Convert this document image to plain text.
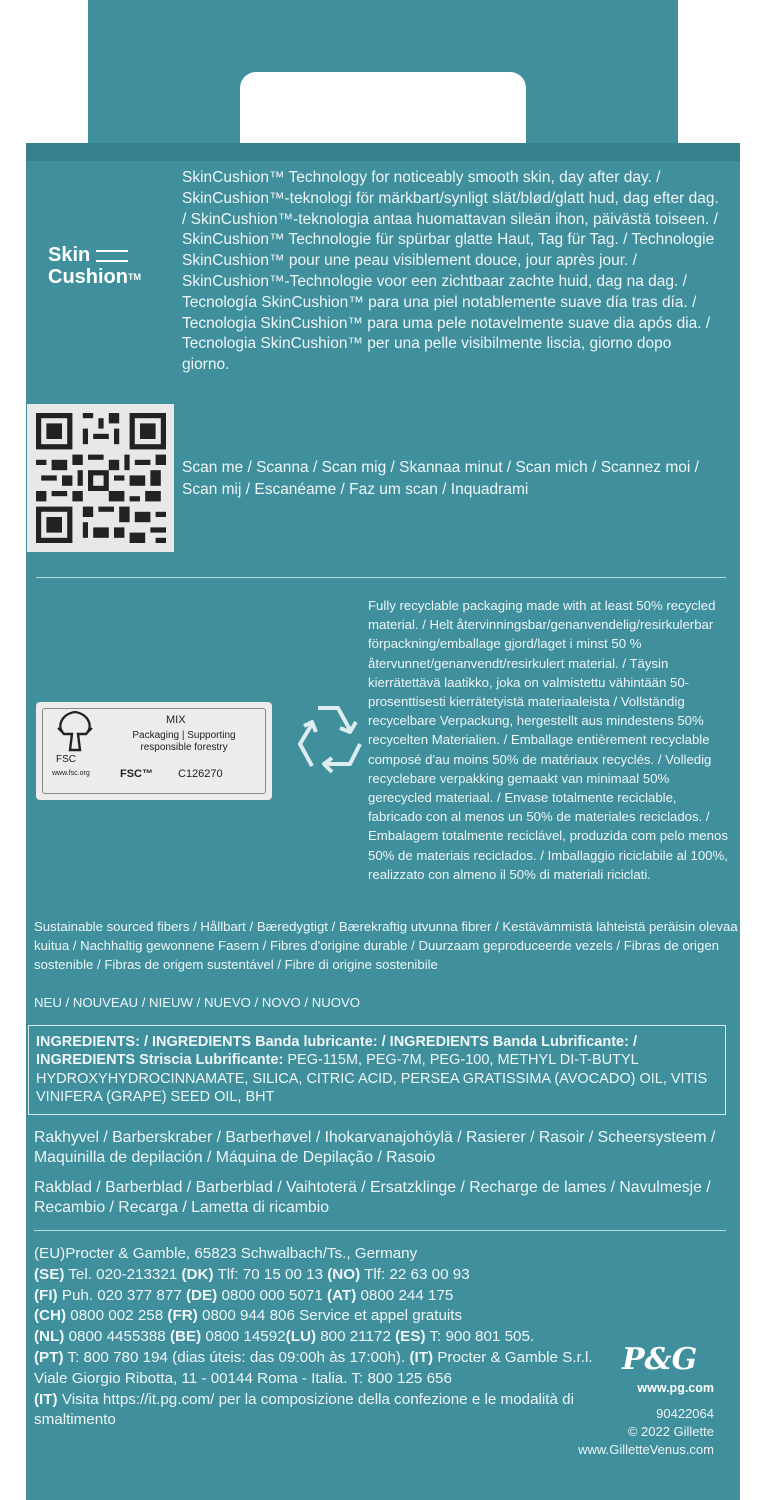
Skin
Cushion™
SkinCushion™ Technology for noticeably smooth skin, day after day. / SkinCushion™-teknologi för märkbart/synligt slät/blød/glatt hud, dag efter dag. / SkinCushion™-teknologia antaa huomattavan sileän ihon, päivästä toiseen. / SkinCushion™ Technologie für spürbar glatte Haut, Tag für Tag. / Technologie SkinCushion™ pour une peau visiblement douce, jour après jour. / SkinCushion™-Technologie voor een zichtbaar zachte huid, dag na dag. / Tecnología SkinCushion™ para una piel notablemente suave día tras día. / Tecnologia SkinCushion™ para uma pele notavelmente suave dia após dia. / Tecnologia SkinCushion™ per una pelle visibilmente liscia, giorno dopo giorno.
Scan me / Scanna / Scan mig / Skannaa minut / Scan mich / Scannez moi / Scan mij / Escanéame / Faz um scan / Inquadrami
FSC
www.fsc.org
MIX
Packaging | Supporting responsible forestry
FSC™ C126270
Fully recyclable packaging made with at least 50% recycled material. / Helt återvinningsbar/genanvendelig/resirkulerbar förpackning/emballage gjord/laget i minst 50 % återvunnet/genanvendt/resirkulert material. / Täysin kierrätettävä laatikko, joka on valmistettu vähintään 50-prosenttisesti kierrätetyistä materiaaleista / Vollständig recycelbare Verpackung, hergestellt aus mindestens 50% recycelten Materialien. / Emballage entièrement recyclable composé d'au moins 50% de matériaux recyclés. / Volledig recyclebare verpakking gemaakt van minimaal 50% gerecycled materiaal. / Envase totalmente reciclable, fabricado con al menos un 50% de materiales reciclados. / Embalagem totalmente reciclável, produzida com pelo menos 50% de materiais reciclados. / Imballaggio riciclabile al 100%, realizzato con almeno il 50% di materiali riciclati.
Sustainable sourced fibers / Hållbart / Bæredygtigt / Bærekraftig utvunna fibrer / Kestävämmistä lähteistä peräisin olevaa kuitua / Nachhaltig gewonnene Fasern / Fibres d'origine durable / Duurzaam geproduceerde vezels / Fibras de origen sostenible / Fibras de origem sustentável / Fibre di origine sostenibile
NEU / NOUVEAU / NIEUW / NUEVO / NOVO / NUOVO
INGREDIENTS: / INGREDIENTS Banda lubricante: / INGREDIENTS Banda Lubrificante: / INGREDIENTS Striscia Lubrificante: PEG-115M, PEG-7M, PEG-100, METHYL DI-T-BUTYL HYDROXYHYDROCINNAMATE, SILICA, CITRIC ACID, PERSEA GRATISSIMA (AVOCADO) OIL, VITIS VINIFERA (GRAPE) SEED OIL, BHT
Rakhyvel / Barberskraber / Barberhøvel / Ihokarvanajohöylä / Rasierer / Rasoir / Scheersysteem / Maquinilla de depilación / Máquina de Depilação / Rasoio
Rakblad / Barberblad / Barberblad / Vaihtoterä / Ersatzklinge / Recharge de lames / Navulmesje / Recambio / Recarga / Lametta di ricambio
(EU)Procter & Gamble, 65823 Schwalbach/Ts., Germany
(SE) Tel. 020-213321 (DK) Tlf: 70 15 00 13 (NO) Tlf: 22 63 00 93
(FI) Puh. 020 377 877 (DE) 0800 000 5071 (AT) 0800 244 175
(CH) 0800 002 258 (FR) 0800 944 806 Service et appel gratuits
(NL) 0800 4455388 (BE) 0800 14592(LU) 800 21172 (ES) T: 900 801 505.
(PT) T: 800 780 194 (dias úteis: das 09:00h às 17:00h). (IT) Procter & Gamble S.r.l. Viale Giorgio Ribotta, 11 - 00144 Roma - Italia. T: 800 125 656
(IT) Visita https://it.pg.com/ per la composizione della confezione e le modalità di smaltimento
P&G
www.pg.com
90422064
© 2022 Gillette
www.GilletteVenus.com
